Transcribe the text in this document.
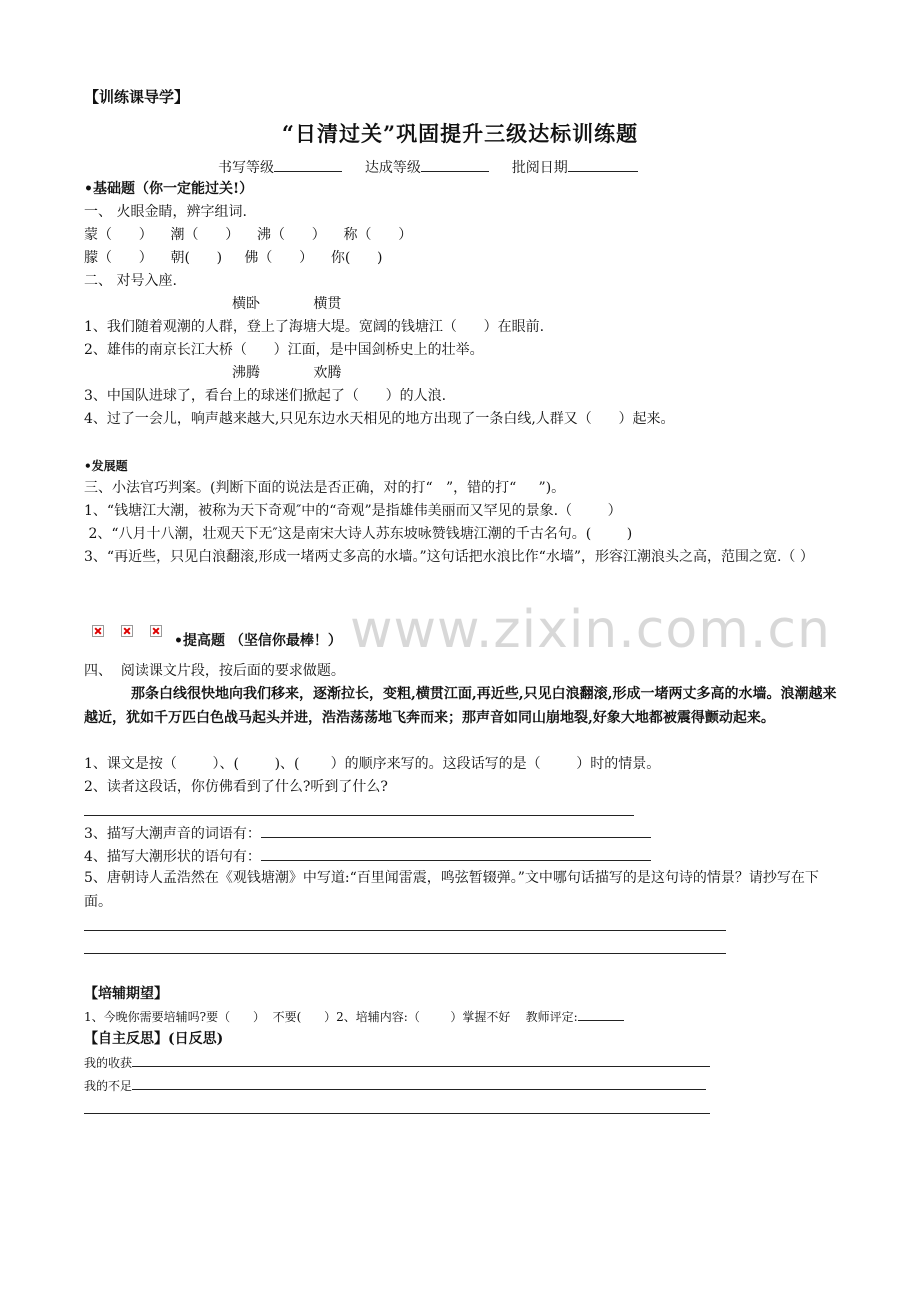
【训练课导学】
“日清过关”巩固提升三级达标训练题
书写等级	达成等级	批阅日期
•基础题（你一定能过关!）
一、 火眼金睛，辨字组词.
蒙（      ）    潮（      ）    沸（      ）    称（      ）
朦（      ）    朝(      )     佛（      ）    你(      )
二、 对号入座.
横卧            横贯
1、我们随着观潮的人群，登上了海塘大堤。宽阔的钱塘江（      ）在眼前.
2、雄伟的南京长江大桥（      ）江面，是中国剑桥史上的壮举。
沸腾            欢腾
3、中国队进球了，看台上的球迷们掀起了（      ）的人浪.
4、过了一会儿，响声越来越大,只见东边水天相见的地方出现了一条白线,人群又（      ）起来。
•发展题
三、小法官巧判案。(判断下面的说法是否正确，对的打“   ”，错的打“     ”)。
1、“钱塘江大潮，被称为天下奇观″中的“奇观”是指雄伟美丽而又罕见的景象.（        ）
2、“八月十八潮，壮观天下无″这是南宋大诗人苏东坡咏赞钱塘江潮的千古名句。(        )
3、“再近些，只见白浪翻滚,形成一堵两丈多高的水墙。”这句话把水浪比作“水墙”，形容江潮浪头之高，范围之宽.（ ）
www.zixin.com.cn
•提高题 （坚信你最棒！）
四、  阅读课文片段，按后面的要求做题。
那条白线很快地向我们移来，逐渐拉长，变粗,横贯江面,再近些,只见白浪翻滚,形成一堵两丈多高的水墙。浪潮越来越近，犹如千万匹白色战马起头并进，浩浩荡荡地飞奔而来；那声音如同山崩地裂,好象大地都被震得颤动起来。
1、课文是按（        ）、(        )、(       ）的顺序来写的。这段话写的是（        ）时的情景。
2、读者这段话，你仿佛看到了什么?听到了什么?
3、描写大潮声音的词语有：
4、描写大潮形状的语句有：
5、唐朝诗人孟浩然在《观钱塘潮》中写道:“百里闻雷震，鸣弦暂辍弹。”文中哪句话描写的是这句诗的情景？请抄写在下面。
【培辅期望】
1、今晚你需要培辅吗?要（      ）  不要(      ）2、培辅内容:（        ）掌握不好    教师评定:
【自主反思】(日反思)
我的收获
我的不足
